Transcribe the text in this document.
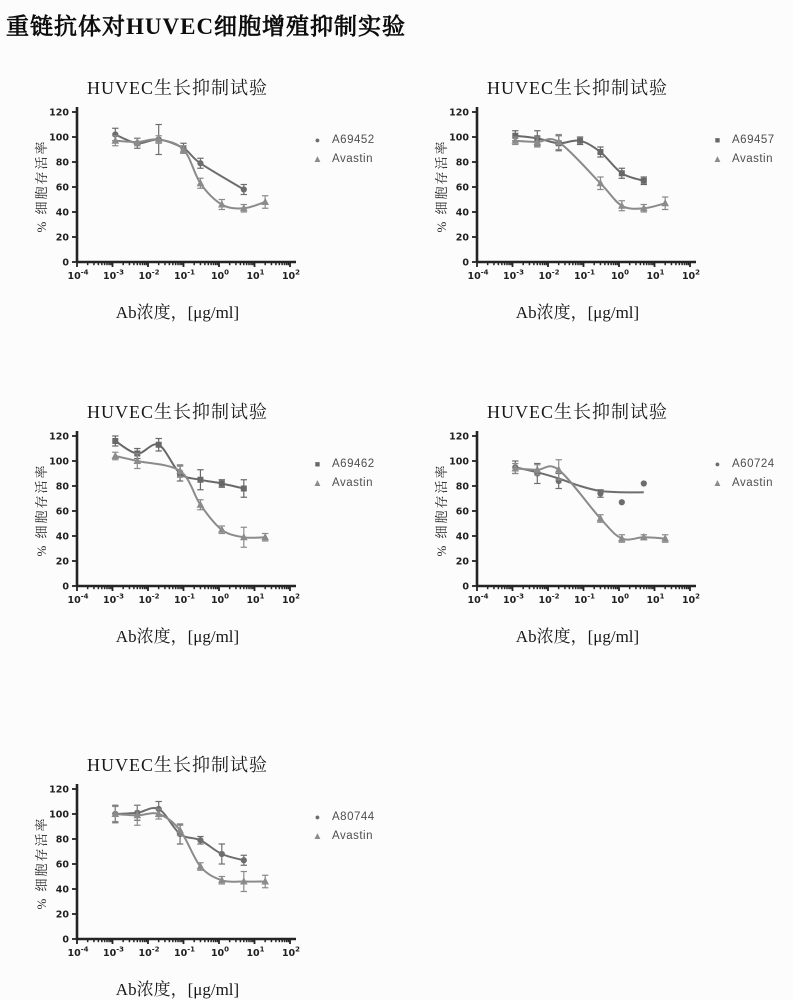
重链抗体对HUVEC细胞增殖抑制实验
HUVEC生长抑制试验
% 细胞存活率
0
20
40
60
80
100
120
$10^{-4}$ $10^{-3}$ $10^{-2}$ $10^{-1}$ $10^0$ $10^1$ $10^2$
● A69452
▲ Avastin
Ab浓度，[μg/ml]
HUVEC生长抑制试验
% 细胞存活率
0
20
40
60
80
100
120
$10^{-4}$ $10^{-3}$ $10^{-2}$ $10^{-1}$ $10^0$ $10^1$ $10^2$
■ A69457
▲ Avastin
Ab浓度，[μg/ml]
HUVEC生长抑制试验
% 细胞存活率
0
20
40
60
80
100
120
$10^{-4}$ $10^{-3}$ $10^{-2}$ $10^{-1}$ $10^0$ $10^1$ $10^2$
■ A69462
▲ Avastin
Ab浓度，[μg/ml]
HUVEC生长抑制试验
% 细胞存活率
0
20
40
60
80
100
120
$10^{-4}$ $10^{-3}$ $10^{-2}$ $10^{-1}$ $10^0$ $10^1$ $10^2$
● A60724
▲ Avastin
Ab浓度，[μg/ml]
HUVEC生长抑制试验
% 细胞存活率
0
20
40
60
80
100
120
$10^{-4}$ $10^{-3}$ $10^{-2}$ $10^{-1}$ $10^0$ $10^1$ $10^2$
● A80744
▲ Avastin
Ab浓度，[μg/ml]
